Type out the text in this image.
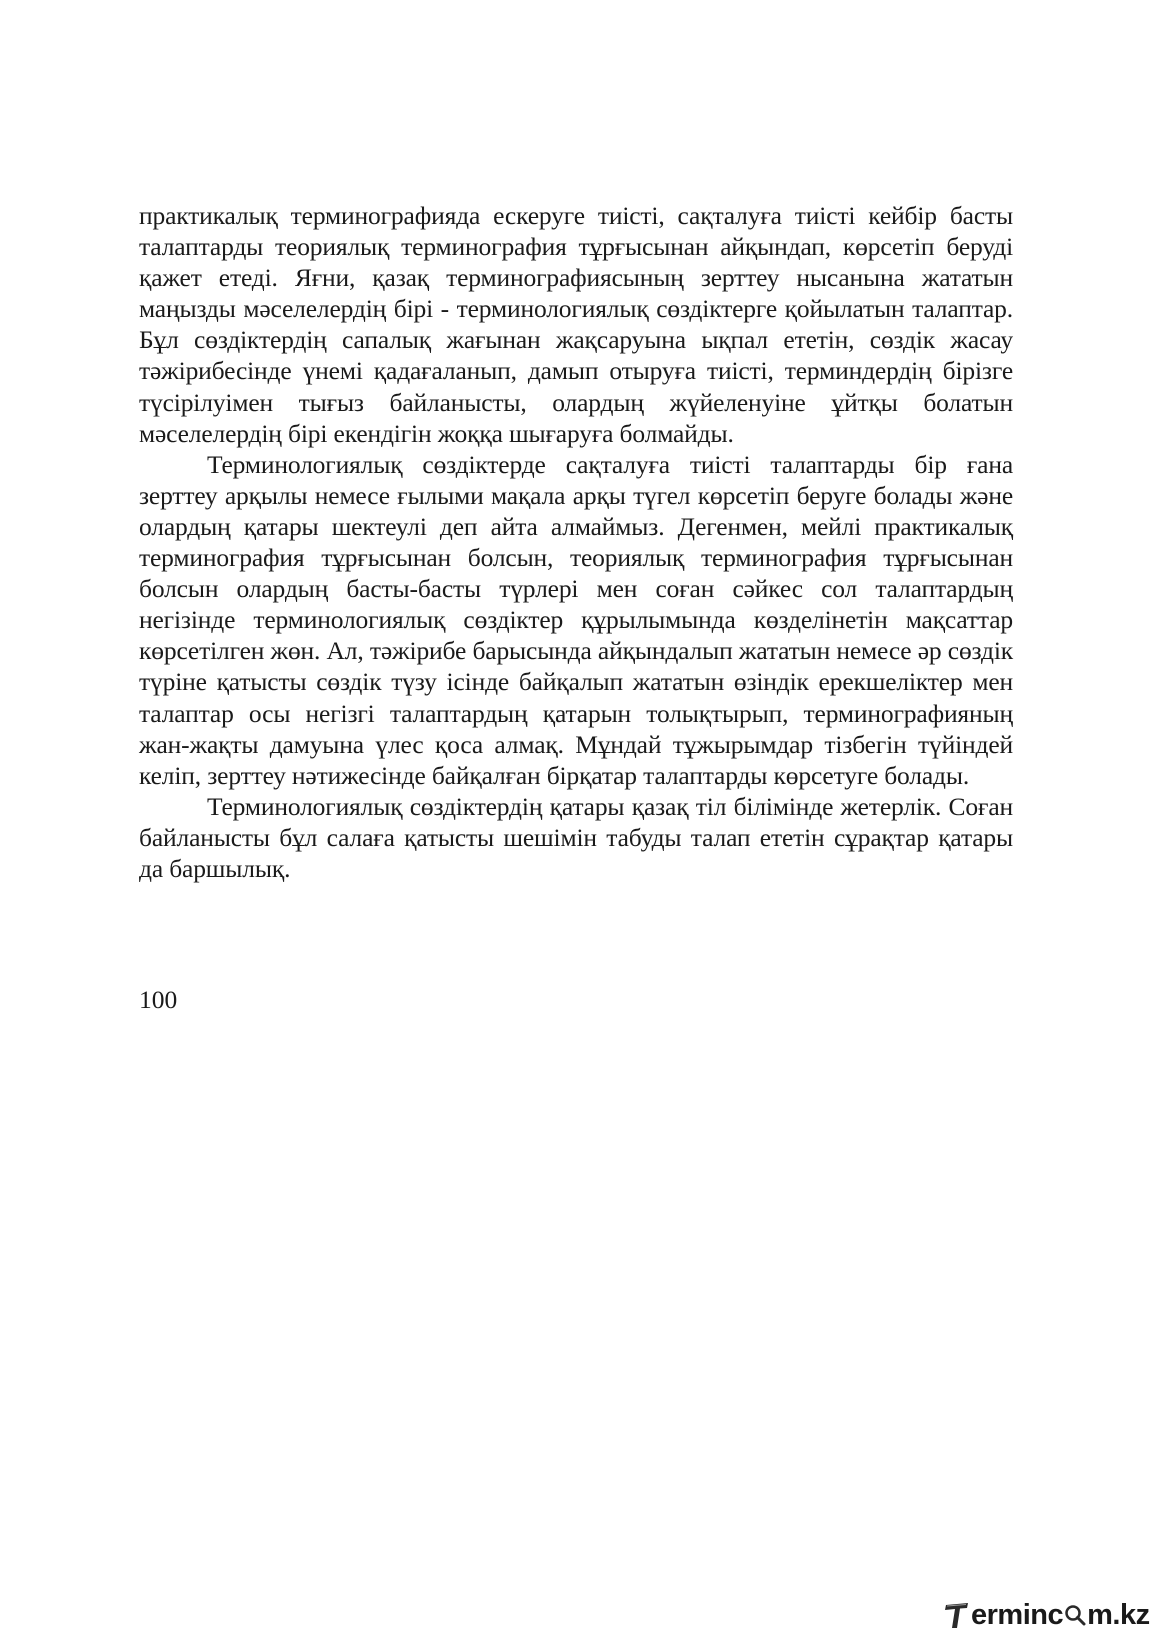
практикалық терминографияда ескеруге тиісті, сақталуға тиісті кейбір басты талаптарды теориялық терминография тұрғысынан айқындап, көрсетіп беруді қажет етеді. Яғни, қазақ терминографиясының зерттеу нысанына жататын маңызды мәселелердің бірі - терминологиялық сөздіктерге қойылатын талаптар. Бұл сөздіктердің сапалық жағынан жақсаруына ықпал ететін, сөздік жасау тәжірибесінде үнемі қадағаланып, дамып отыруға тиісті, терминдердің бірізге түсірілуімен тығыз байланысты, олардың жүйеленуіне ұйтқы болатын мәселелердің бірі екендігін жоққа шығаруға болмайды.

Терминологиялық сөздіктерде сақталуға тиісті талаптарды бір ғана зерттеу арқылы немесе ғылыми мақала арқы түгел көрсетіп беруге болады және олардың қатары шектеулі деп айта алмаймыз. Дегенмен, мейлі практикалық терминография тұрғысынан болсын, теориялық терминография тұрғысынан болсын олардың басты-басты түрлері мен соған сәйкес сол талаптардың негізінде терминологиялық сөздіктер құрылымында көзделінетін мақсаттар көрсетілген жөн. Ал, тәжірибе барысында айқындалып жататын немесе әр сөздік түріне қатысты сөздік түзу ісінде байқалып жататын өзіндік ерекшеліктер мен талаптар осы негізгі талаптардың қатарын толықтырып, терминографияның жан-жақты дамуына үлес қоса алмақ. Мұндай тұжырымдар тізбегін түйіндей келіп, зерттеу нәтижесінде байқалған бірқатар талаптарды көрсетуге болады.

Терминологиялық сөздіктердің қатары қазақ тіл білімінде жетерлік. Соған байланысты бұл салаға қатысты шешімін табуды талап ететін сұрақтар қатары да баршылық.

100
erminc m.kz
